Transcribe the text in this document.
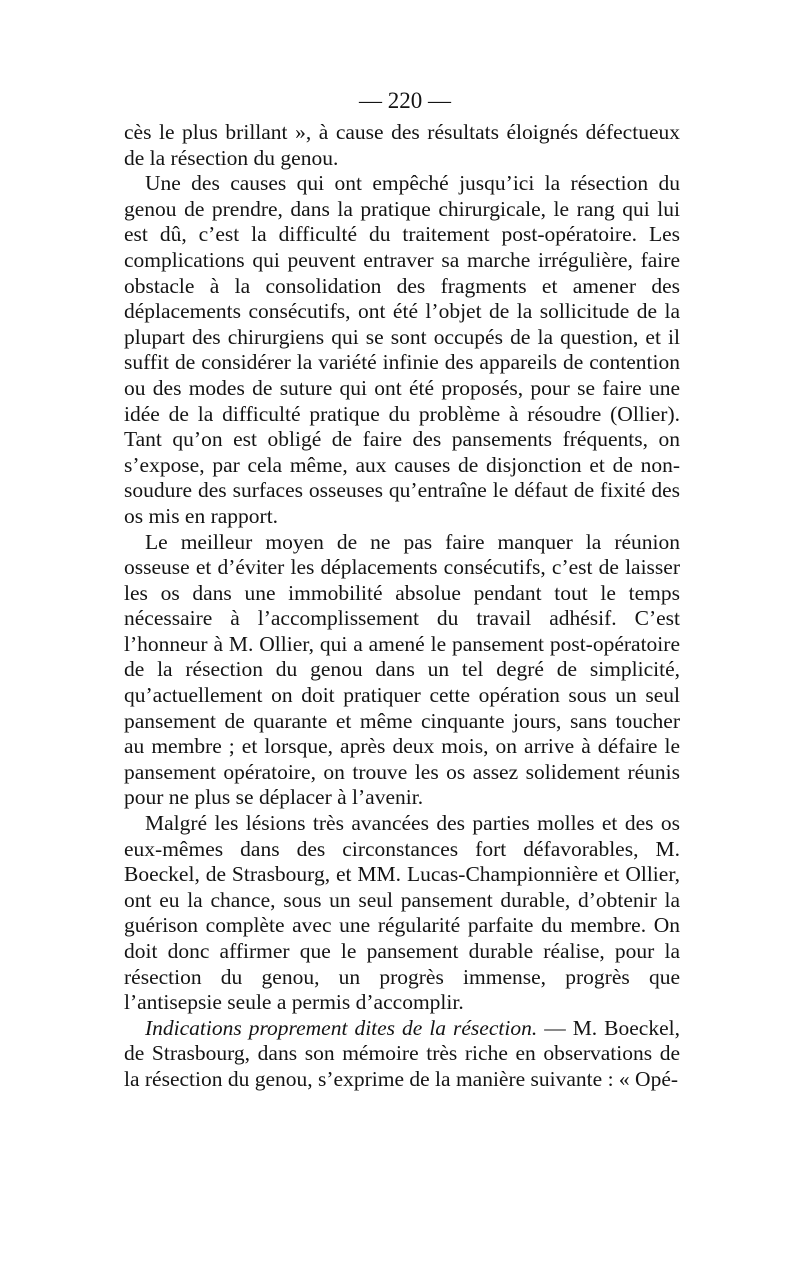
— 220 —

cès le plus brillant », à cause des résultats éloignés défectueux de la résection du genou.

Une des causes qui ont empêché jusqu’ici la résection du genou de prendre, dans la pratique chirurgicale, le rang qui lui est dû, c’est la difficulté du traitement post-opératoire. Les complications qui peuvent entraver sa marche irrégulière, faire obstacle à la consolidation des fragments et amener des déplacements consécutifs, ont été l’objet de la sollicitude de la plupart des chirurgiens qui se sont occupés de la question, et il suffit de considérer la variété infinie des appareils de contention ou des modes de suture qui ont été proposés, pour se faire une idée de la difficulté pratique du problème à résoudre (Ollier). Tant qu’on est obligé de faire des pansements fréquents, on s’expose, par cela même, aux causes de disjonction et de non-soudure des surfaces osseuses qu’entraîne le défaut de fixité des os mis en rapport.

Le meilleur moyen de ne pas faire manquer la réunion osseuse et d’éviter les déplacements consécutifs, c’est de laisser les os dans une immobilité absolue pendant tout le temps nécessaire à l’accomplissement du travail adhésif. C’est l’honneur à M. Ollier, qui a amené le pansement post-opératoire de la résection du genou dans un tel degré de simplicité, qu’actuellement on doit pratiquer cette opération sous un seul pansement de quarante et même cinquante jours, sans toucher au membre ; et lorsque, après deux mois, on arrive à défaire le pansement opératoire, on trouve les os assez solidement réunis pour ne plus se déplacer à l’avenir.

Malgré les lésions très avancées des parties molles et des os eux-mêmes dans des circonstances fort défavorables, M. Boeckel, de Strasbourg, et MM. Lucas-Championnière et Ollier, ont eu la chance, sous un seul pansement durable, d’obtenir la guérison complète avec une régularité parfaite du membre. On doit donc affirmer que le pansement durable réalise, pour la résection du genou, un progrès immense, progrès que l’antisepsie seule a permis d’accomplir.

Indications proprement dites de la résection. — M. Boeckel, de Strasbourg, dans son mémoire très riche en observations de la résection du genou, s’exprime de la manière suivante : « Opé-
